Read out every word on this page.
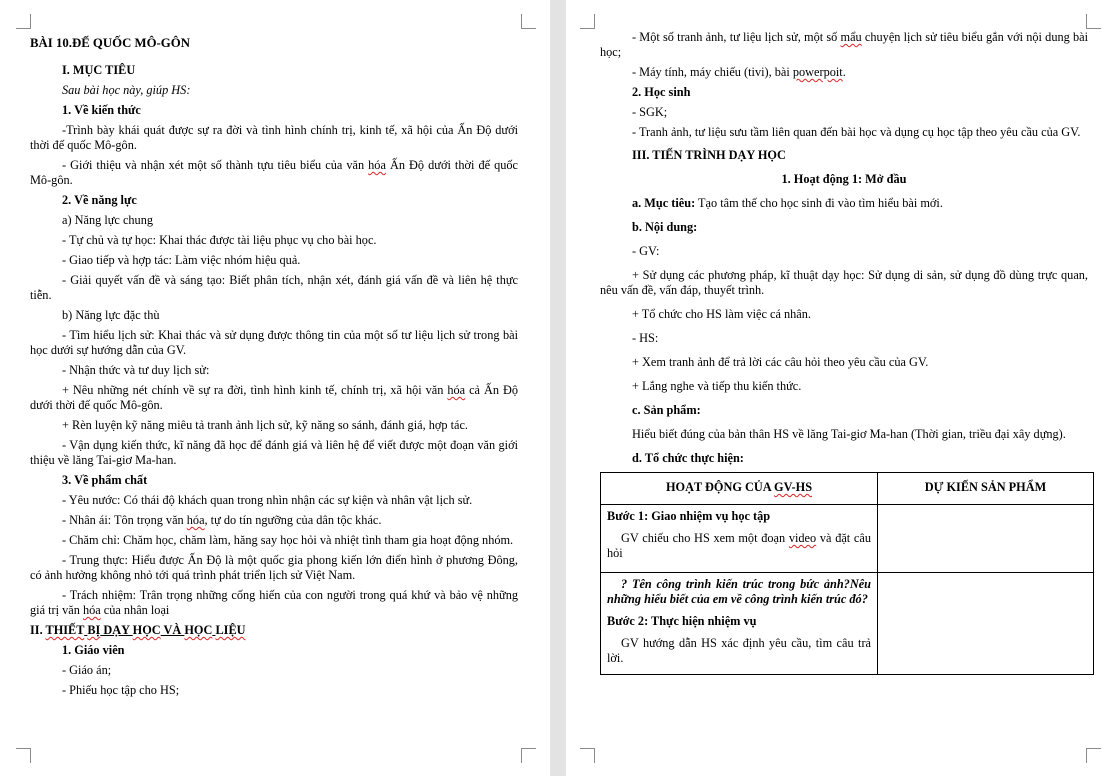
BÀI 10.ĐẾ QUỐC MÔ-GÔN

I. MỤC TIÊU

Sau bài học này, giúp HS:

1. Về kiến thức

-Trình bày khái quát được sự ra đời và tình hình chính trị, kinh tế, xã hội của Ấn Độ dưới thời đế quốc Mô-gôn.

- Giới thiệu và nhận xét một số thành tựu tiêu biểu của văn hóa Ấn Độ dưới thời đế quốc Mô-gôn.

2. Về năng lực

a) Năng lực chung

- Tự chủ và tự học: Khai thác được tài liệu phục vụ cho bài học.

- Giao tiếp và hợp tác: Làm việc nhóm hiệu quả.

- Giải quyết vấn đề và sáng tạo: Biết phân tích, nhận xét, đánh giá vấn đề và liên hệ thực tiễn.

b) Năng lực đặc thù

- Tìm hiểu lịch sử: Khai thác và sử dụng được thông tin của một số tư liệu lịch sử trong bài học dưới sự hướng dẫn của GV.

- Nhận thức và tư duy lịch sử:

+ Nêu những nét chính về sự ra đời, tình hình kinh tế, chính trị, xã hội văn hóa cả Ấn Độ dưới thời đế quốc Mô-gôn.

+ Rèn luyện kỹ năng miêu tả tranh ảnh lịch sử, kỹ năng so sánh, đánh giá, hợp tác.

- Vận dụng kiến thức, kĩ năng đã học để đánh giá và liên hệ để viết được một đoạn văn giới thiệu về lăng Tai-giơ Ma-han.

3. Về phẩm chất

- Yêu nước: Có thái độ khách quan trong nhìn nhận các sự kiện và nhân vật lịch sử.

- Nhân ái: Tôn trọng văn hóa, tự do tín ngưỡng của dân tộc khác.

- Chăm chỉ: Chăm học, chăm làm, hăng say học hỏi và nhiệt tình tham gia hoạt động nhóm.

- Trung thực: Hiểu được Ấn Độ là một quốc gia phong kiến lớn điển hình ở phương Đông, có ảnh hưởng không nhỏ tới quá trình phát triển lịch sử Việt Nam.

- Trách nhiệm: Trân trọng những cống hiến của con người trong quá khứ và bảo vệ những giá trị văn hóa của nhân loại

II. THIẾT BỊ DẠY HỌC VÀ HỌC LIỆU

1. Giáo viên

- Giáo án;

- Phiếu học tập cho HS;

- Một số tranh ảnh, tư liệu lịch sử, một số mẩu chuyện lịch sử tiêu biểu gắn với nội dung bài học;

- Máy tính, máy chiếu (tivi), bài powerpoit.

2. Học sinh

- SGK;

- Tranh ảnh, tư liệu sưu tầm liên quan đến bài học và dụng cụ học tập theo yêu cầu của GV.

III. TIẾN TRÌNH DẠY HỌC

1. Hoạt động 1: Mở đầu

a. Mục tiêu: Tạo tâm thế cho học sinh đi vào tìm hiểu bài mới.

b. Nội dung:

- GV:

+ Sử dụng các phương pháp, kĩ thuật dạy học: Sử dụng di sản, sử dụng đồ dùng trực quan, nêu vấn đề, vấn đáp, thuyết trình.

+ Tổ chức cho HS làm việc cá nhân.

- HS:

+ Xem tranh ảnh để trả lời các câu hỏi theo yêu cầu của GV.

+ Lắng nghe và tiếp thu kiến thức.

c. Sản phẩm:

Hiểu biết đúng của bản thân HS về lăng Tai-giơ Ma-han (Thời gian, triều đại xây dựng).

d. Tổ chức thực hiện:

HOẠT ĐỘNG CỦA GV-HS	DỰ KIẾN SẢN PHẨM

Bước 1: Giao nhiệm vụ học tập

GV chiếu cho HS xem một đoạn video và đặt câu hỏi	

? Tên công trình kiến trúc trong bức ảnh?Nêu những hiểu biết của em về công trình kiến trúc đó?

Bước 2: Thực hiện nhiệm vụ

GV hướng dẫn HS xác định yêu cầu, tìm câu trả lời.	
